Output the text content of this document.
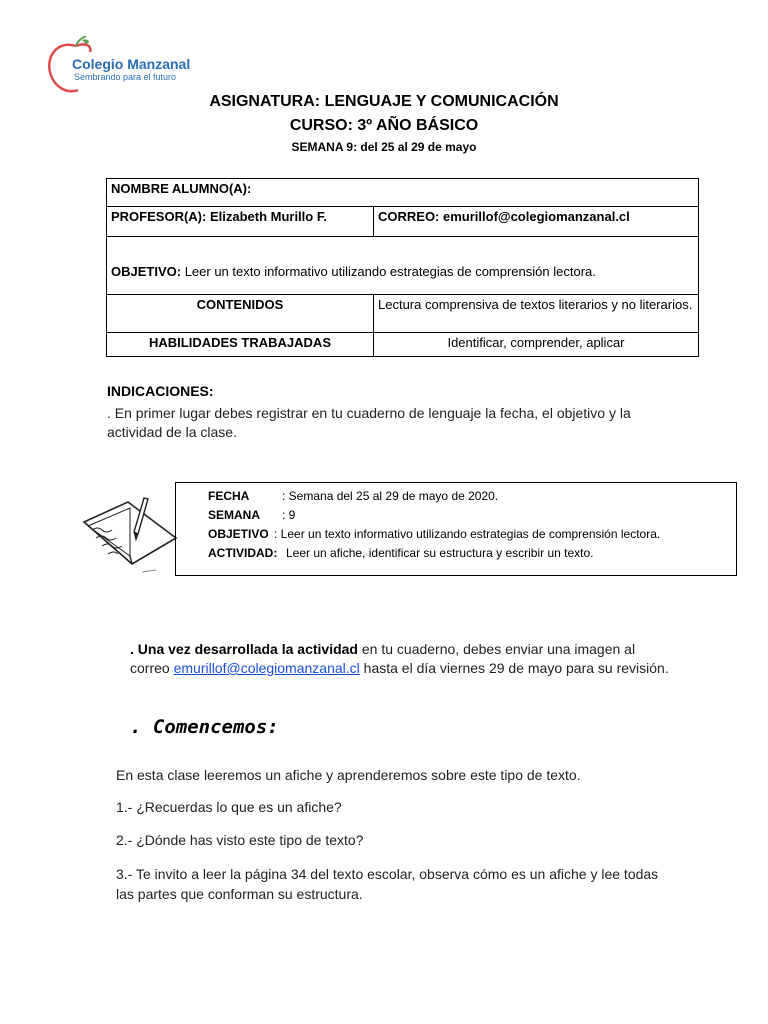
Colegio Manzanal
Sembrando para el futuro
ASIGNATURA: LENGUAJE Y COMUNICACIÓN
CURSO: 3º AÑO BÁSICO
SEMANA 9: del 25 al 29 de mayo
NOMBRE ALUMNO(A):	
PROFESOR(A): Elizabeth Murillo F.	CORREO: emurillof@colegiomanzanal.cl
OBJETIVO: Leer un texto informativo utilizando estrategias de comprensión lectora.	
CONTENIDOS	Lectura comprensiva de textos literarios y no literarios.
HABILIDADES TRABAJADAS	Identificar, comprender, aplicar
INDICACIONES:
. En primer lugar debes registrar en tu cuaderno de lenguaje la fecha, el objetivo y la actividad de la clase.
FECHA	: Semana del 25 al 29 de mayo de 2020.
SEMANA : 9
OBJETIVO : Leer un texto informativo utilizando estrategias de comprensión lectora.
ACTIVIDAD: Leer un afiche, identificar su estructura y escribir un texto.
. Una vez desarrollada la actividad en tu cuaderno, debes enviar una imagen al correo emurillof@colegiomanzanal.cl hasta el día viernes 29 de mayo para su revisión.
. Comencemos:
En esta clase leeremos un afiche y aprenderemos sobre este tipo de texto.
1.- ¿Recuerdas lo que es un afiche?
2.- ¿Dónde has visto este tipo de texto?
3.- Te invito a leer la página 34 del texto escolar, observa cómo es un afiche y lee todas las partes que conforman su estructura.
